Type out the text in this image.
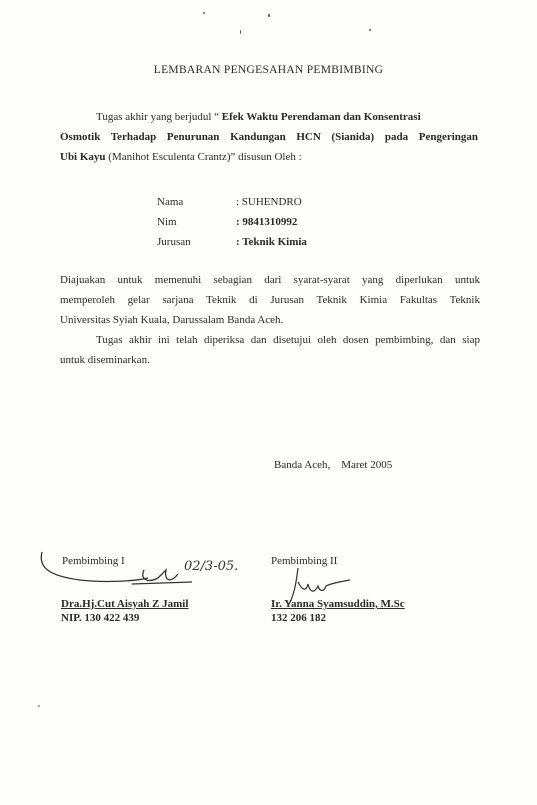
LEMBARAN PENGESAHAN PEMBIMBING
Tugas akhir yang berjudul “ Efek Waktu Perendaman dan Konsentrasi
Osmotik Terhadap Penurunan Kandungan HCN (Sianida) pada Pengeringan
Ubi Kayu (Manihot Esculenta Crantz)” disusun Oleh :
Nama	: SUHENDRO
Nim	: 9841310992
Jurusan	: Teknik Kimia
Diajuakan untuk memenuhi sebagian dari syarat-syarat yang diperlukan untuk
memperoleh gelar sarjana Teknik di Jurusan Teknik Kimia Fakultas Teknik
Universitas Syiah Kuala, Darussalam Banda Aceh.
Tugas akhir ini telah diperiksa dan disetujui oleh dosen pembimbing, dan siap
untuk diseminarkan.
Banda Aceh,    Maret 2005
Pembimbing I
Dra.Hj.Cut Aisyah Z Jamil
NIP. 130 422 439
02/3-05.	Pembimbing II
Ir. Yanna Syamsuddin, M.Sc
132 206 182
